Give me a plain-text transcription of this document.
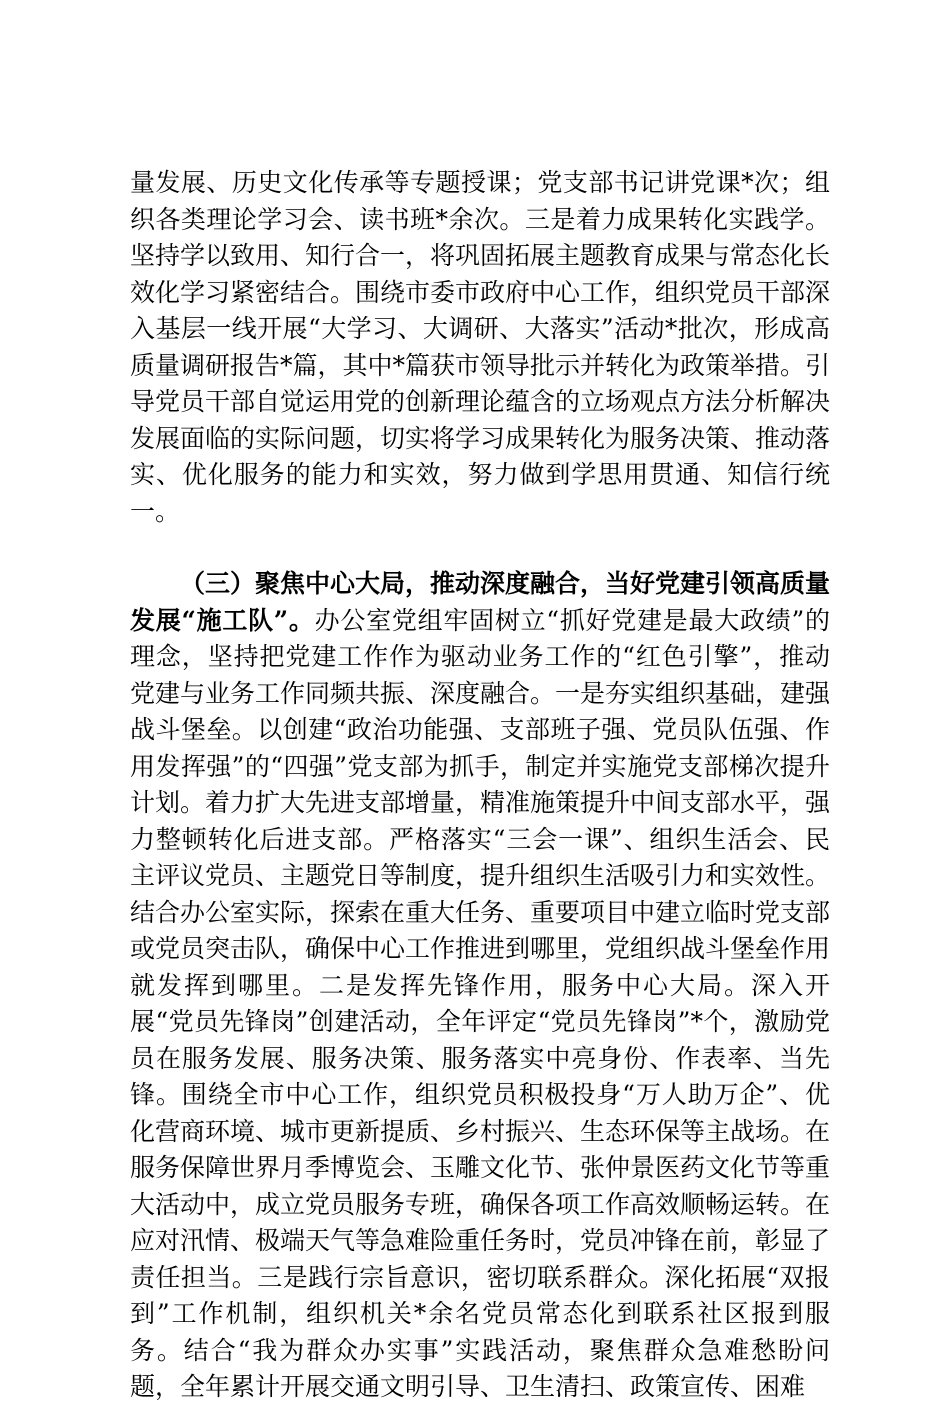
量发展、历史文化传承等专题授课；党支部书记讲党课*次；组织各类理论学习会、读书班*余次。三是着力成果转化实践学。坚持学以致用、知行合一，将巩固拓展主题教育成果与常态化长效化学习紧密结合。围绕市委市政府中心工作，组织党员干部深入基层一线开展“大学习、大调研、大落实”活动*批次，形成高质量调研报告*篇，其中*篇获市领导批示并转化为政策举措。引导党员干部自觉运用党的创新理论蕴含的立场观点方法分析解决发展面临的实际问题，切实将学习成果转化为服务决策、推动落实、优化服务的能力和实效，努力做到学思用贯通、知信行统一。

（三）聚焦中心大局，推动深度融合，当好党建引领高质量发展“施工队”。办公室党组牢固树立“抓好党建是最大政绩”的理念，坚持把党建工作作为驱动业务工作的“红色引擎”，推动党建与业务工作同频共振、深度融合。一是夯实组织基础，建强战斗堡垒。以创建“政治功能强、支部班子强、党员队伍强、作用发挥强”的“四强”党支部为抓手，制定并实施党支部梯次提升计划。着力扩大先进支部增量，精准施策提升中间支部水平，强力整顿转化后进支部。严格落实“三会一课”、组织生活会、民主评议党员、主题党日等制度，提升组织生活吸引力和实效性。结合办公室实际，探索在重大任务、重要项目中建立临时党支部或党员突击队，确保中心工作推进到哪里，党组织战斗堡垒作用就发挥到哪里。二是发挥先锋作用，服务中心大局。深入开展“党员先锋岗”创建活动，全年评定“党员先锋岗”*个，激励党员在服务发展、服务决策、服务落实中亮身份、作表率、当先锋。围绕全市中心工作，组织党员积极投身“万人助万企”、优化营商环境、城市更新提质、乡村振兴、生态环保等主战场。在服务保障世界月季博览会、玉雕文化节、张仲景医药文化节等重大活动中，成立党员服务专班，确保各项工作高效顺畅运转。在应对汛情、极端天气等急难险重任务时，党员冲锋在前，彰显了责任担当。三是践行宗旨意识，密切联系群众。深化拓展“双报到”工作机制，组织机关*余名党员常态化到联系社区报到服务。结合“我为群众办实事”实践活动，聚焦群众急难愁盼问题，全年累计开展交通文明引导、卫生清扫、政策宣传、困难
